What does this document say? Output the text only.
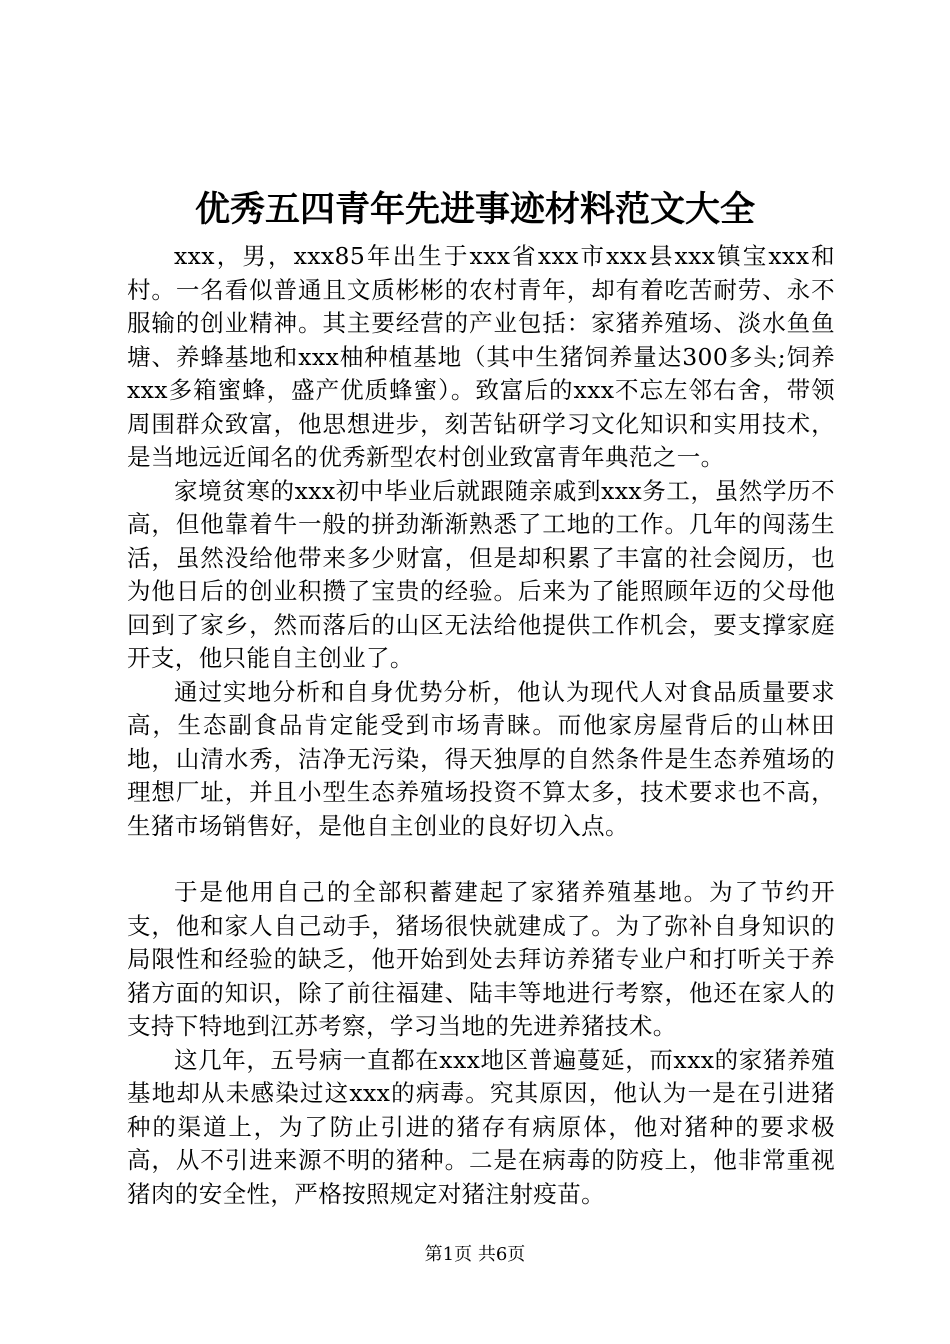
优秀五四青年先进事迹材料范文大全

xxx，男，xxx85年出生于xxx省xxx市xxx县xxx镇宝xxx和村。一名看似普通且文质彬彬的农村青年，却有着吃苦耐劳、永不服输的创业精神。其主要经营的产业包括：家猪养殖场、淡水鱼鱼塘、养蜂基地和xxx柚种植基地（其中生猪饲养量达300多头;饲养xxx多箱蜜蜂，盛产优质蜂蜜）。致富后的xxx不忘左邻右舍，带领周围群众致富，他思想进步，刻苦钻研学习文化知识和实用技术，是当地远近闻名的优秀新型农村创业致富青年典范之一。

家境贫寒的xxx初中毕业后就跟随亲戚到xxx务工，虽然学历不高，但他靠着牛一般的拼劲渐渐熟悉了工地的工作。几年的闯荡生活，虽然没给他带来多少财富，但是却积累了丰富的社会阅历，也为他日后的创业积攒了宝贵的经验。后来为了能照顾年迈的父母他回到了家乡，然而落后的山区无法给他提供工作机会，要支撑家庭开支，他只能自主创业了。

通过实地分析和自身优势分析，他认为现代人对食品质量要求高，生态副食品肯定能受到市场青睐。而他家房屋背后的山林田地，山清水秀，洁净无污染，得天独厚的自然条件是生态养殖场的理想厂址，并且小型生态养殖场投资不算太多，技术要求也不高，生猪市场销售好，是他自主创业的良好切入点。

于是他用自己的全部积蓄建起了家猪养殖基地。为了节约开支，他和家人自己动手，猪场很快就建成了。为了弥补自身知识的局限性和经验的缺乏，他开始到处去拜访养猪专业户和打听关于养猪方面的知识，除了前往福建、陆丰等地进行考察，他还在家人的支持下特地到江苏考察，学习当地的先进养猪技术。

这几年，五号病一直都在xxx地区普遍蔓延，而xxx的家猪养殖基地却从未感染过这xxx的病毒。究其原因，他认为一是在引进猪种的渠道上，为了防止引进的猪存有病原体，他对猪种的要求极高，从不引进来源不明的猪种。二是在病毒的防疫上，他非常重视猪肉的安全性，严格按照规定对猪注射疫苗。

第1页 共6页
